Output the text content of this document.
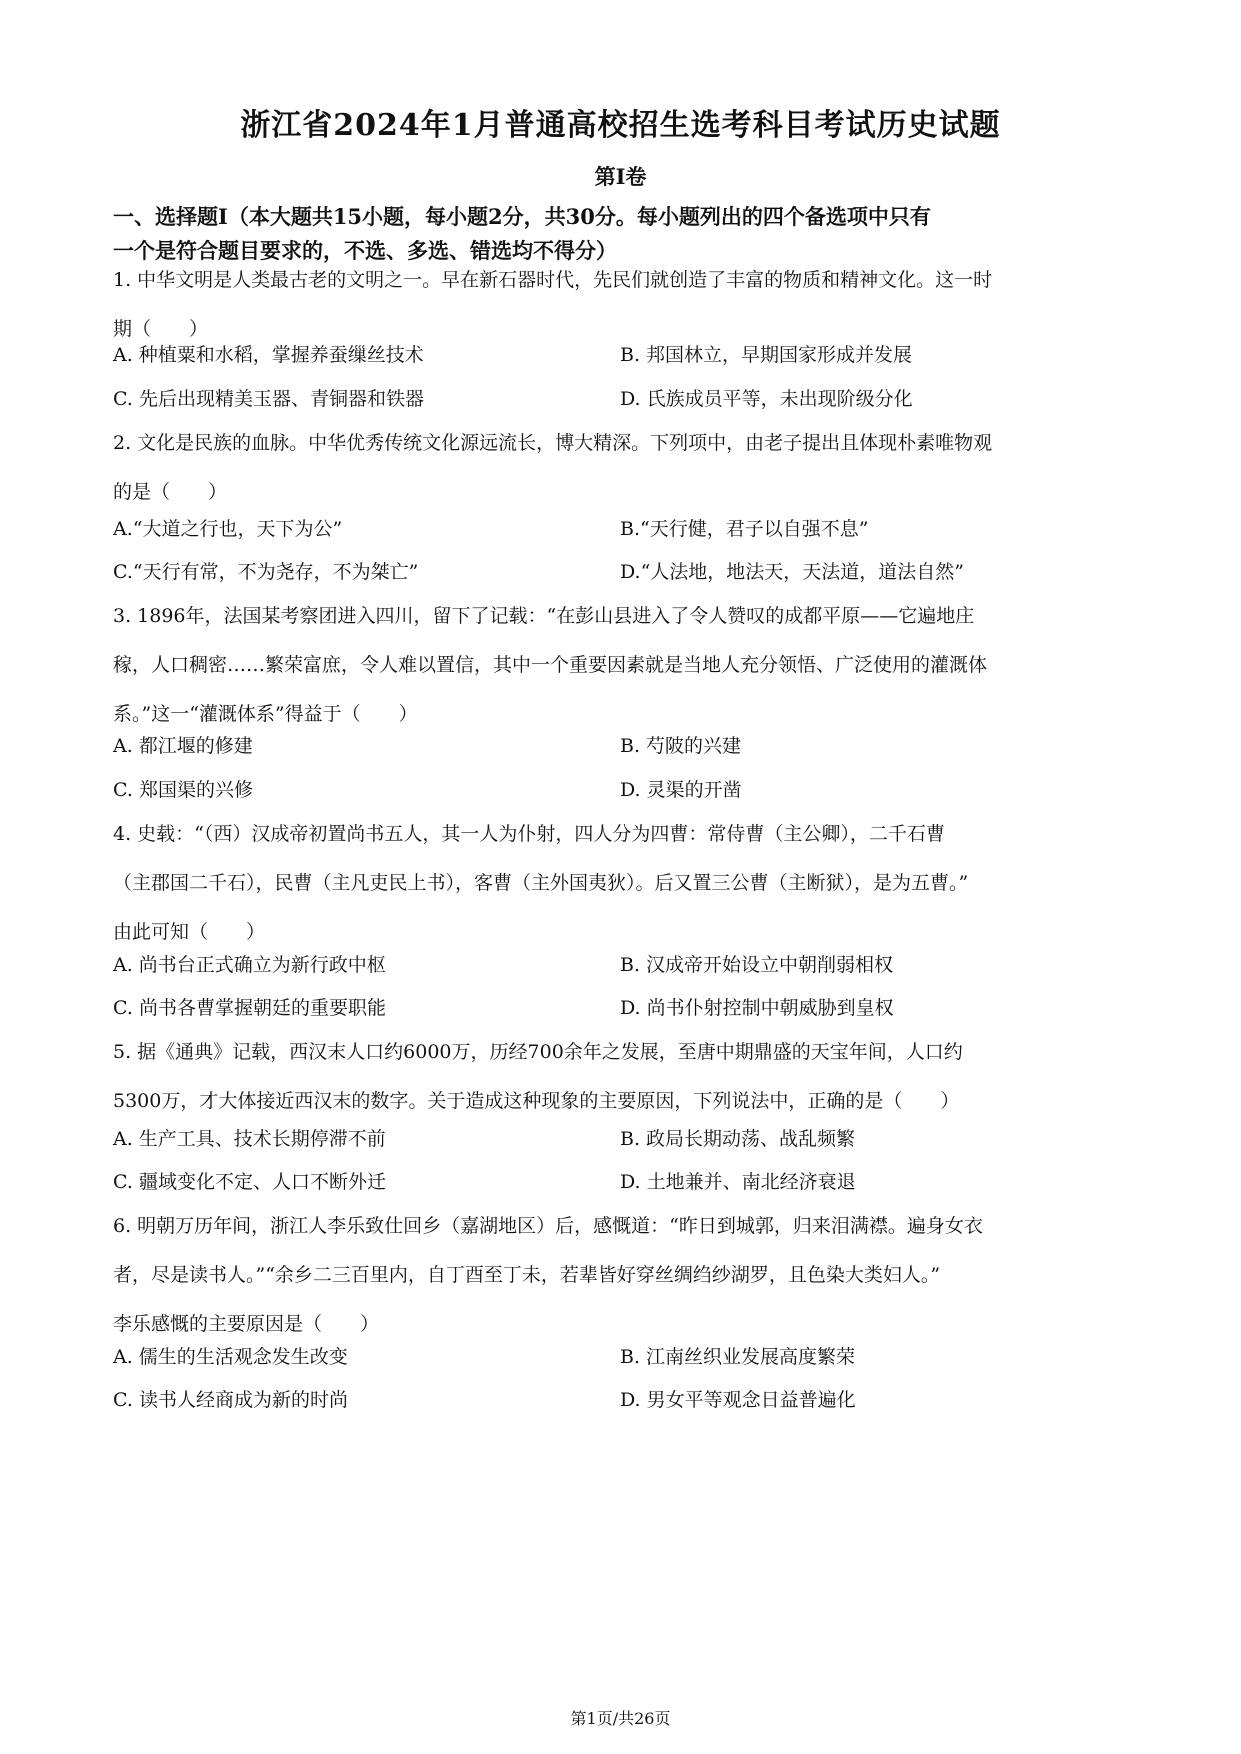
浙江省2024年1月普通高校招生选考科目考试历史试题
第Ⅰ卷
一、选择题Ⅰ（本大题共15小题，每小题2分，共30分。每小题列出的四个备选项中只有
一个是符合题目要求的，不选、多选、错选均不得分）
1. 中华文明是人类最古老的文明之一。早在新石器时代，先民们就创造了丰富的物质和精神文化。这一时
期（　　）
A. 种植粟和水稻，掌握养蚕缫丝技术	B. 邦国林立，早期国家形成并发展
C. 先后出现精美玉器、青铜器和铁器	D. 氏族成员平等，未出现阶级分化
2. 文化是民族的血脉。中华优秀传统文化源远流长，博大精深。下列项中，由老子提出且体现朴素唯物观
的是（　　）
A.“大道之行也，天下为公”	B.“天行健，君子以自强不息”
C.“天行有常，不为尧存，不为桀亡”	D.“人法地，地法天，天法道，道法自然”
3. 1896年，法国某考察团进入四川，留下了记载：“在彭山县进入了令人赞叹的成都平原——它遍地庄
稼，人口稠密……繁荣富庶，令人难以置信，其中一个重要因素就是当地人充分领悟、广泛使用的灌溉体
系。”这一“灌溉体系”得益于（　　）
A. 都江堰的修建	B. 芍陂的兴建
C. 郑国渠的兴修	D. 灵渠的开凿
4. 史载：“（西）汉成帝初置尚书五人，其一人为仆射，四人分为四曹：常侍曹（主公卿），二千石曹
（主郡国二千石），民曹（主凡吏民上书），客曹（主外国夷狄）。后又置三公曹（主断狱），是为五曹。”
由此可知（　　）
A. 尚书台正式确立为新行政中枢	B. 汉成帝开始设立中朝削弱相权
C. 尚书各曹掌握朝廷的重要职能	D. 尚书仆射控制中朝威胁到皇权
5. 据《通典》记载，西汉末人口约6000万，历经700余年之发展，至唐中期鼎盛的天宝年间，人口约
5300万，才大体接近西汉末的数字。关于造成这种现象的主要原因，下列说法中，正确的是（　　）
A. 生产工具、技术长期停滞不前	B. 政局长期动荡、战乱频繁
C. 疆域变化不定、人口不断外迁	D. 土地兼并、南北经济衰退
6. 明朝万历年间，浙江人李乐致仕回乡（嘉湖地区）后，感慨道：“昨日到城郭，归来泪满襟。遍身女衣
者，尽是读书人。”“余乡二三百里内，自丁酉至丁未，若辈皆好穿丝绸绉纱湖罗，且色染大类妇人。”
李乐感慨的主要原因是（　　）
A. 儒生的生活观念发生改变	B. 江南丝织业发展高度繁荣
C. 读书人经商成为新的时尚	D. 男女平等观念日益普遍化
第1页/共26页
